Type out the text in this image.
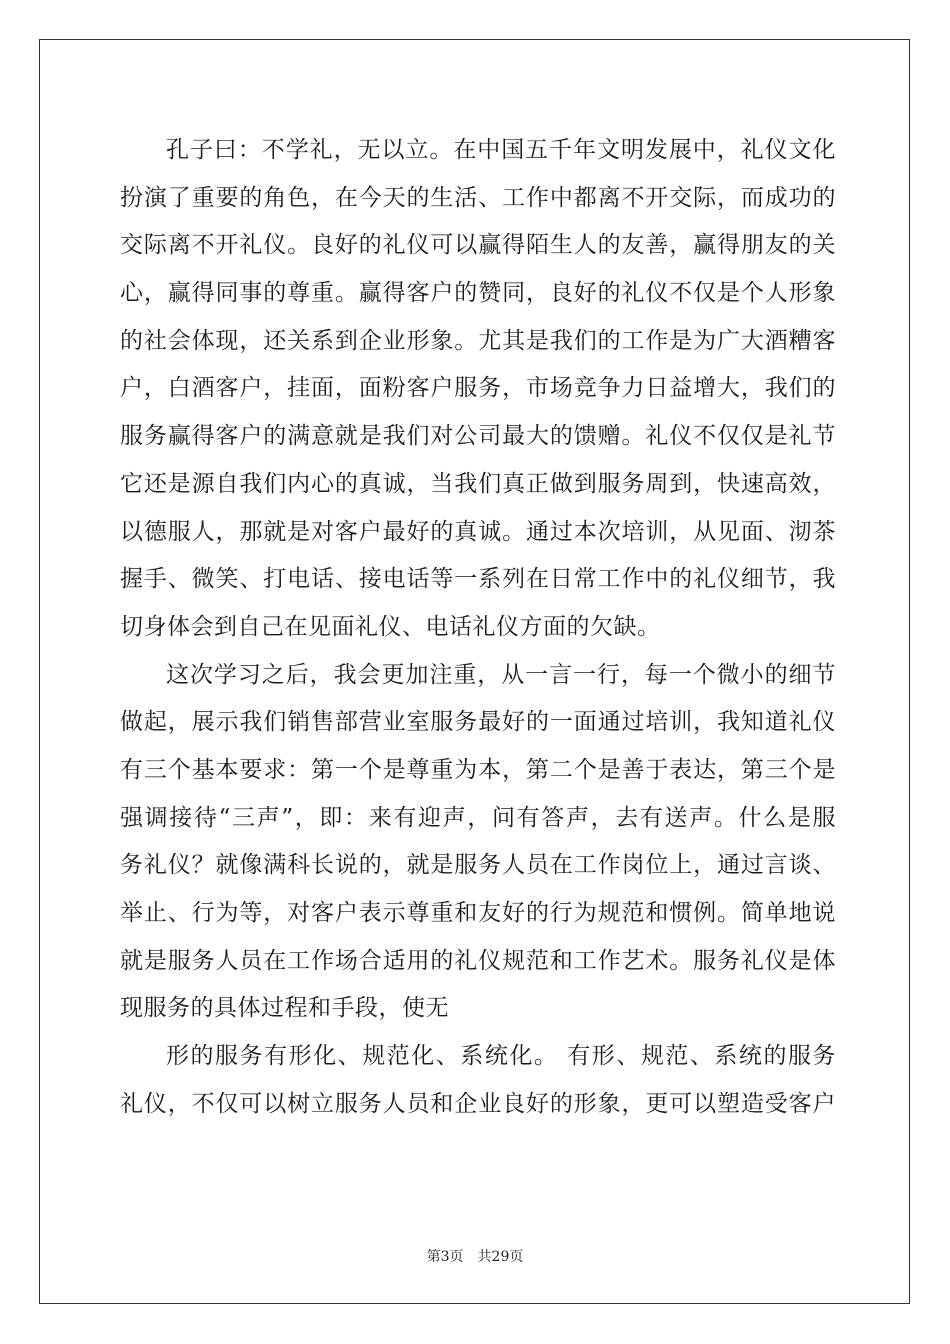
孔子曰：不学礼，无以立。在中国五千年文明发展中，礼仪文化
扮演了重要的角色，在今天的生活、工作中都离不开交际，而成功的
交际离不开礼仪。良好的礼仪可以赢得陌生人的友善，赢得朋友的关
心，赢得同事的尊重。赢得客户的赞同，良好的礼仪不仅是个人形象
的社会体现，还关系到企业形象。尤其是我们的工作是为广大酒糟客
户，白酒客户，挂面，面粉客户服务，市场竞争力日益增大，我们的
服务赢得客户的满意就是我们对公司最大的馈赠。礼仪不仅仅是礼节
它还是源自我们内心的真诚，当我们真正做到服务周到，快速高效，
以德服人，那就是对客户最好的真诚。通过本次培训，从见面、沏茶
握手、微笑、打电话、接电话等一系列在日常工作中的礼仪细节，我
切身体会到自己在见面礼仪、电话礼仪方面的欠缺。
这次学习之后，我会更加注重，从一言一行，每一个微小的细节
做起，展示我们销售部营业室服务最好的一面通过培训，我知道礼仪
有三个基本要求：第一个是尊重为本，第二个是善于表达，第三个是
强调接待“三声”，即：来有迎声，问有答声，去有送声。什么是服
务礼仪？就像满科长说的，就是服务人员在工作岗位上，通过言谈、
举止、行为等，对客户表示尊重和友好的行为规范和惯例。简单地说
就是服务人员在工作场合适用的礼仪规范和工作艺术。服务礼仪是体
现服务的具体过程和手段，使无
形的服务有形化、规范化、系统化。 有形、规范、系统的服务
礼仪，不仅可以树立服务人员和企业良好的形象，更可以塑造受客户
第3页 共29页
